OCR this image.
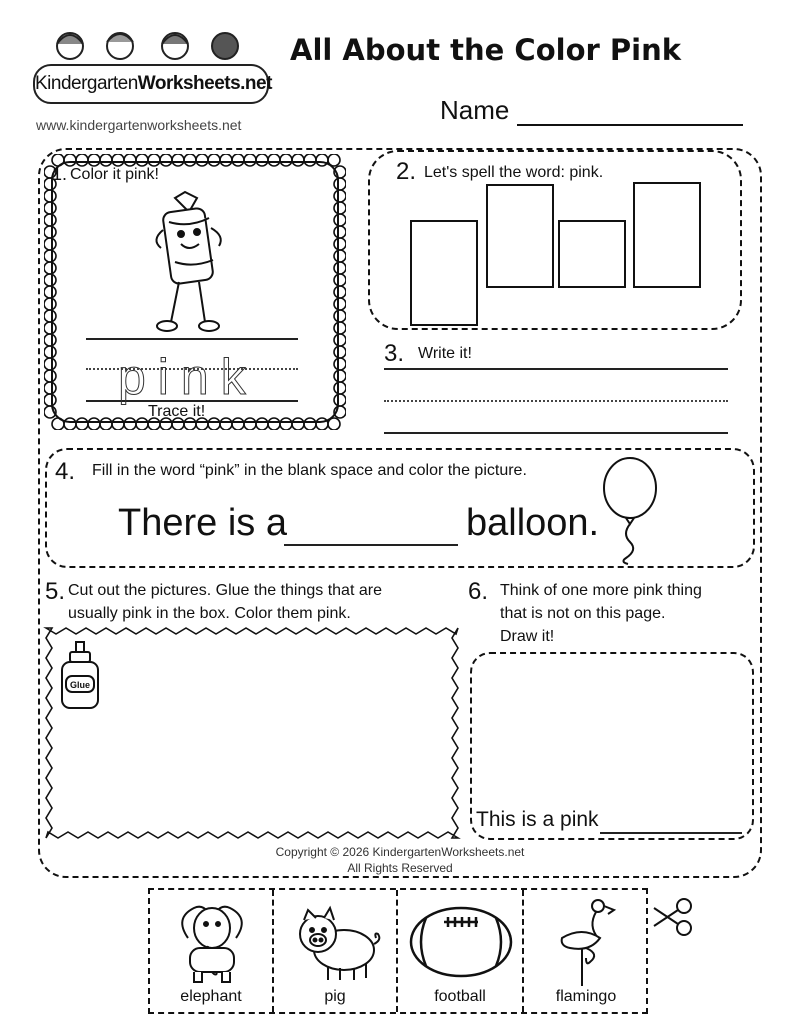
KindergartenWorksheets.net
www.kindergartenworksheets.net
All About the Color Pink
Name
1. Color it pink!
pink
Trace it!
2. Let's spell the word: pink.
3. Write it!
4. Fill in the word “pink” in the blank space and color the picture.
There is a	balloon.
5. Cut out the pictures. Glue the things that are
usually pink in the box. Color them pink.
Glue
6. Think of one more pink thing
that is not on this page.
Draw it!
This is a pink
Copyright © 2026 KindergartenWorksheets.net
All Rights Reserved
elephant	pig	football	flamingo
